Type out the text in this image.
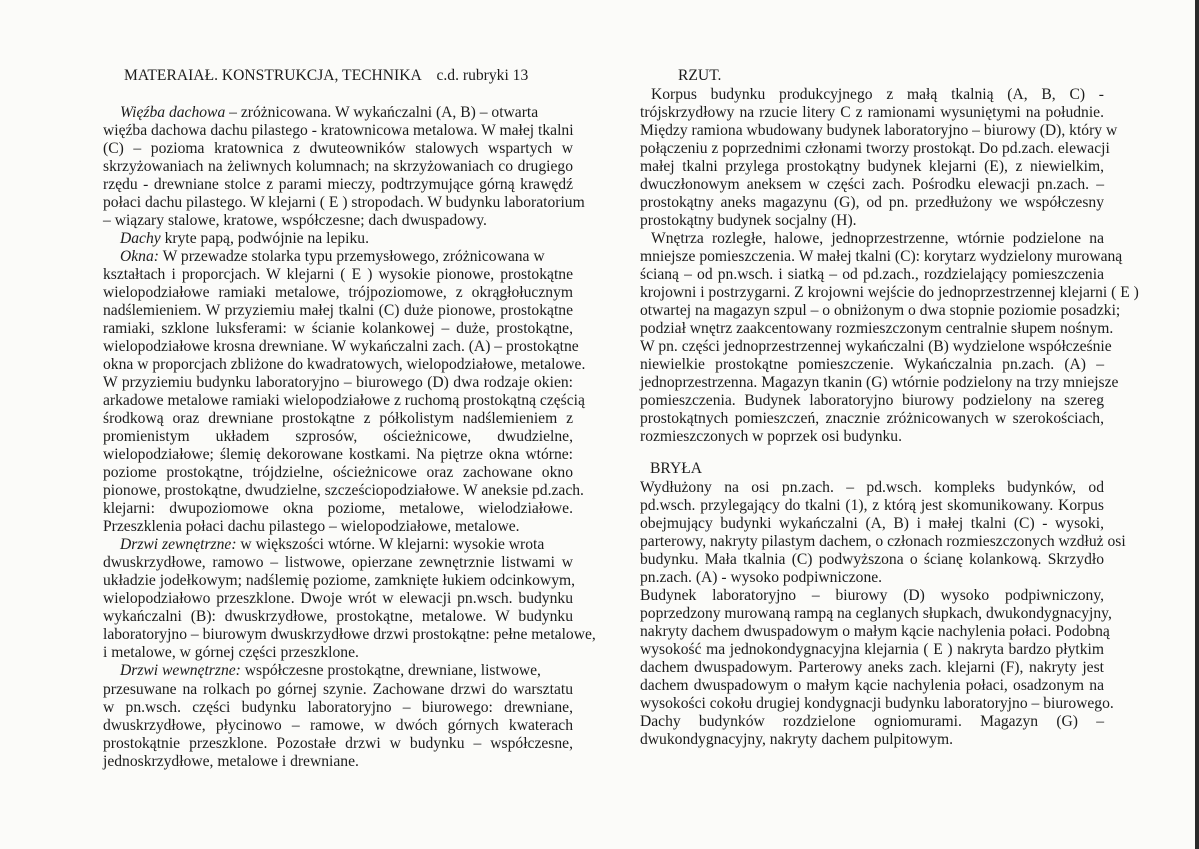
MATERAIAŁ. KONSTRUKCJA, TECHNIKA    c.d. rubryki 13
Więźba dachowa – zróżnicowana. W wykańczalni (A, B) – otwarta
więźba dachowa dachu pilastego - kratownicowa metalowa. W małej tkalni
(C) – pozioma kratownica z dwuteowników stalowych wspartych w
skrzyżowaniach na żeliwnych kolumnach; na skrzyżowaniach co drugiego
rzędu - drewniane stolce z parami mieczy, podtrzymujące górną krawędź
połaci dachu pilastego. W klejarni ( E ) stropodach. W budynku laboratorium
– wiązary stalowe, kratowe, współczesne; dach dwuspadowy.
Dachy kryte papą, podwójnie na lepiku.
Okna: W przewadze stolarka typu przemysłowego, zróżnicowana w
kształtach i proporcjach. W klejarni ( E ) wysokie pionowe, prostokątne
wielopodziałowe ramiaki metalowe, trójpoziomowe, z okrągłołucznym
nadślemieniem. W przyziemiu małej tkalni (C) duże pionowe, prostokątne
ramiaki, szklone luksferami: w ścianie kolankowej – duże, prostokątne,
wielopodziałowe krosna drewniane. W wykańczalni zach. (A) – prostokątne
okna w proporcjach zbliżone do kwadratowych, wielopodziałowe, metalowe.
W przyziemiu budynku laboratoryjno – biurowego (D) dwa rodzaje okien:
arkadowe metalowe ramiaki wielopodziałowe z ruchomą prostokątną częścią
środkową oraz drewniane prostokątne z półkolistym nadślemieniem z
promienistym układem szprosów, ościeżnicowe, dwudzielne,
wielopodziałowe; ślemię dekorowane kostkami. Na piętrze okna wtórne:
poziome prostokątne, trójdzielne, ościeżnicowe oraz zachowane okno
pionowe, prostokątne, dwudzielne, szcześciopodziałowe. W aneksie pd.zach.
klejarni: dwupoziomowe okna poziome, metalowe, wielodziałowe.
Przeszklenia połaci dachu pilastego – wielopodziałowe, metalowe.
Drzwi zewnętrzne: w większości wtórne. W klejarni: wysokie wrota
dwuskrzydłowe, ramowo – listwowe, opierzane zewnętrznie listwami w
układzie jodełkowym; nadślemię poziome, zamknięte łukiem odcinkowym,
wielopodziałowo przeszklone. Dwoje wrót w elewacji pn.wsch. budynku
wykańczalni (B): dwuskrzydłowe, prostokątne, metalowe. W budynku
laboratoryjno – biurowym dwuskrzydłowe drzwi prostokątne: pełne metalowe,
i metalowe, w górnej części przeszklone.
Drzwi wewnętrzne: współczesne prostokątne, drewniane, listwowe,
przesuwane na rolkach po górnej szynie. Zachowane drzwi do warsztatu
w pn.wsch. części budynku laboratoryjno – biurowego: drewniane,
dwuskrzydłowe, płycinowo – ramowe, w dwóch górnych kwaterach
prostokątnie przeszklone. Pozostałe drzwi w budynku – współczesne,
jednoskrzydłowe, metalowe i drewniane.
RZUT.
Korpus budynku produkcyjnego z małą tkalnią (A, B, C) -
trójskrzydłowy na rzucie litery C z ramionami wysuniętymi na południe.
Między ramiona wbudowany budynek laboratoryjno – biurowy (D), który w
połączeniu z poprzednimi członami tworzy prostokąt. Do pd.zach. elewacji
małej tkalni przylega prostokątny budynek klejarni (E), z niewielkim,
dwuczłonowym aneksem w części zach. Pośrodku elewacji pn.zach. –
prostokątny aneks magazynu (G), od pn. przedłużony we współczesny
prostokątny budynek socjalny (H).
Wnętrza rozległe, halowe, jednoprzestrzenne, wtórnie podzielone na
mniejsze pomieszczenia. W małej tkalni (C): korytarz wydzielony murowaną
ścianą – od pn.wsch. i siatką – od pd.zach., rozdzielający pomieszczenia
krojowni i postrzygarni. Z krojowni wejście do jednoprzestrzennej klejarni ( E )
otwartej na magazyn szpul – o obniżonym o dwa stopnie poziomie posadzki;
podział wnętrz zaakcentowany rozmieszczonym centralnie słupem nośnym.
W pn. części jednoprzestrzennej wykańczalni (B) wydzielone współcześnie
niewielkie prostokątne pomieszczenie. Wykańczalnia pn.zach. (A) –
jednoprzestrzenna. Magazyn tkanin (G) wtórnie podzielony na trzy mniejsze
pomieszczenia. Budynek laboratoryjno biurowy podzielony na szereg
prostokątnych pomieszczeń, znacznie zróżnicowanych w szerokościach,
rozmieszczonych w poprzek osi budynku.
BRYŁA
Wydłużony na osi pn.zach. – pd.wsch. kompleks budynków, od
pd.wsch. przylegający do tkalni (1), z którą jest skomunikowany. Korpus
obejmujący budynki wykańczalni (A, B) i małej tkalni (C) - wysoki,
parterowy, nakryty pilastym dachem, o członach rozmieszczonych wzdłuż osi
budynku. Mała tkalnia (C) podwyższona o ścianę kolankową. Skrzydło
pn.zach. (A) - wysoko podpiwniczone.
Budynek laboratoryjno – biurowy (D) wysoko podpiwniczony,
poprzedzony murowaną rampą na ceglanych słupkach, dwukondygnacyjny,
nakryty dachem dwuspadowym o małym kącie nachylenia połaci. Podobną
wysokość ma jednokondygnacyjna klejarnia ( E ) nakryta bardzo płytkim
dachem dwuspadowym. Parterowy aneks zach. klejarni (F), nakryty jest
dachem dwuspadowym o małym kącie nachylenia połaci, osadzonym na
wysokości cokołu drugiej kondygnacji budynku laboratoryjno – biurowego.
Dachy budynków rozdzielone ogniomurami. Magazyn (G) –
dwukondygnacyjny, nakryty dachem pulpitowym.
